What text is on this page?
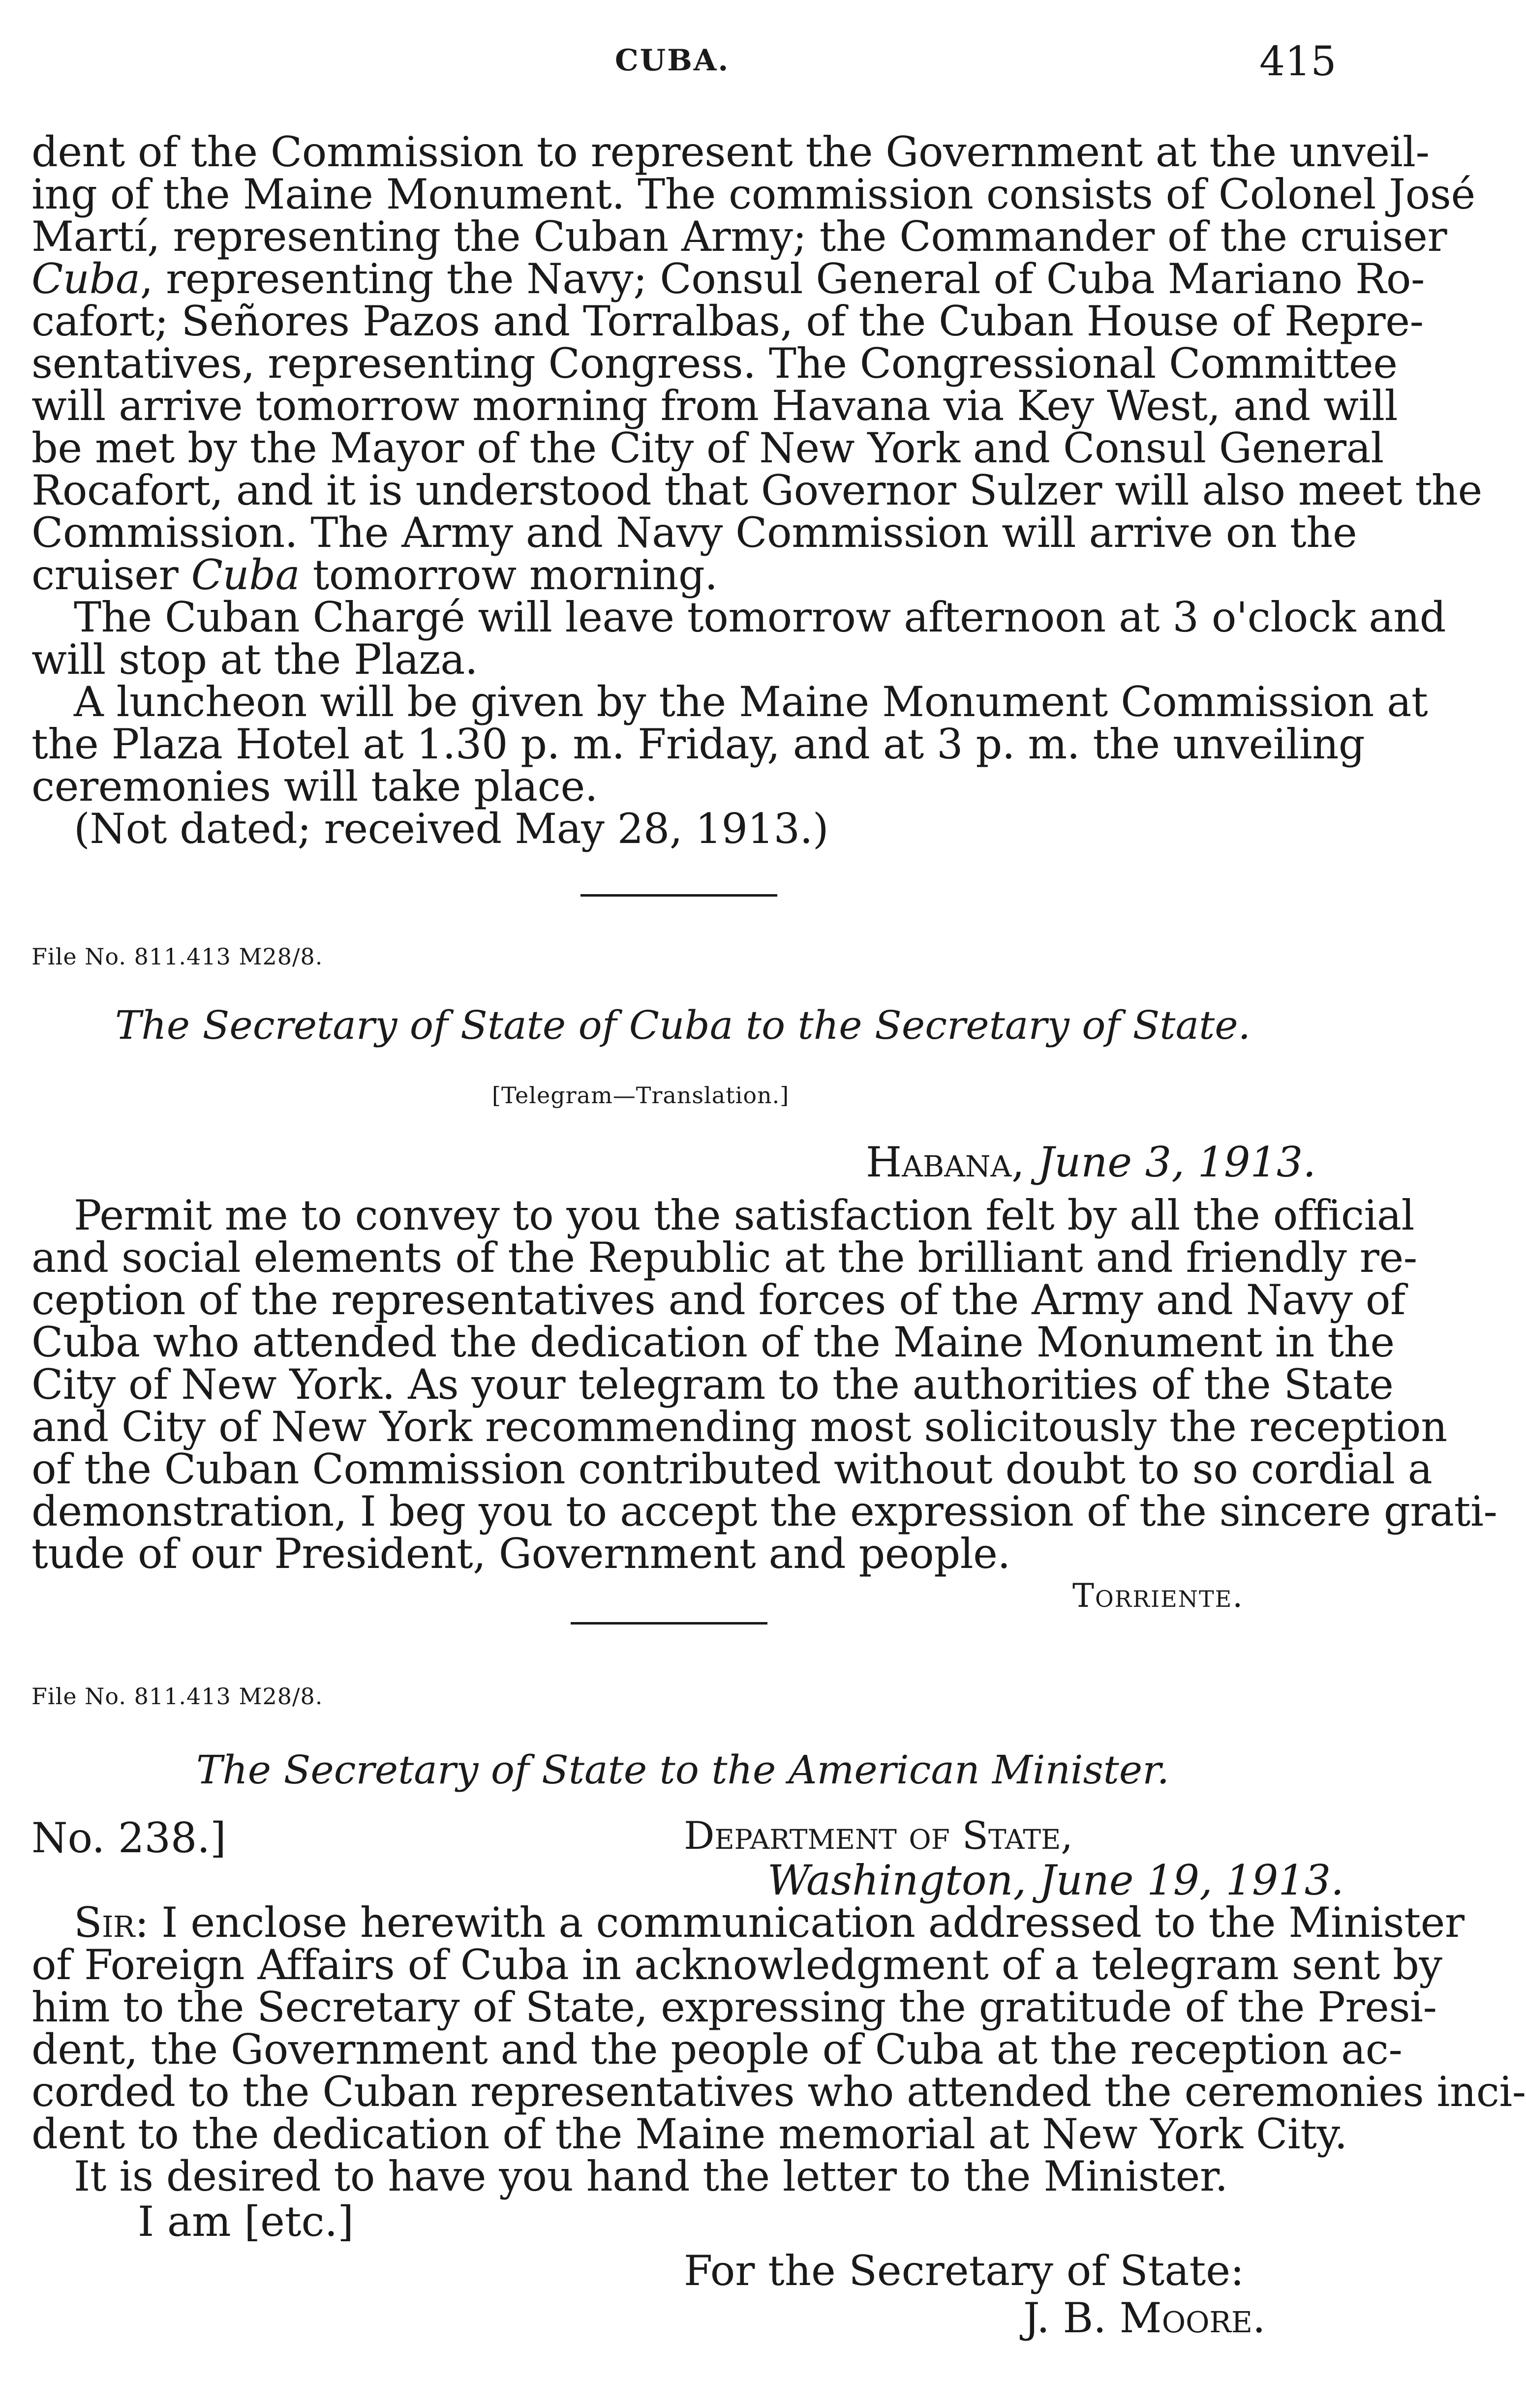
CUBA.	415
dent of the Commission to represent the Government at the unveil-
ing of the Maine Monument. The commission consists of Colonel José
Martí, representing the Cuban Army; the Commander of the cruiser
Cuba, representing the Navy; Consul General of Cuba Mariano Ro-
cafort; Señores Pazos and Torralbas, of the Cuban House of Repre-
sentatives, representing Congress. The Congressional Committee
will arrive tomorrow morning from Havana via Key West, and will
be met by the Mayor of the City of New York and Consul General
Rocafort, and it is understood that Governor Sulzer will also meet the
Commission. The Army and Navy Commission will arrive on the
cruiser Cuba tomorrow morning.
The Cuban Chargé will leave tomorrow afternoon at 3 o'clock and
will stop at the Plaza.
A luncheon will be given by the Maine Monument Commission at
the Plaza Hotel at 1.30 p. m. Friday, and at 3 p. m. the unveiling
ceremonies will take place.
(Not dated; received May 28, 1913.)
File No. 811.413 M28/8.
The Secretary of State of Cuba to the Secretary of State.
[Telegram—Translation.]
Habana, June 3, 1913.
Permit me to convey to you the satisfaction felt by all the official
and social elements of the Republic at the brilliant and friendly re-
ception of the representatives and forces of the Army and Navy of
Cuba who attended the dedication of the Maine Monument in the
City of New York. As your telegram to the authorities of the State
and City of New York recommending most solicitously the reception
of the Cuban Commission contributed without doubt to so cordial a
demonstration, I beg you to accept the expression of the sincere grati-
tude of our President, Government and people.
Torriente.
File No. 811.413 M28/8.
The Secretary of State to the American Minister.
No. 238.]	Department of State,
Washington, June 19, 1913.
Sir: I enclose herewith a communication addressed to the Minister
of Foreign Affairs of Cuba in acknowledgment of a telegram sent by
him to the Secretary of State, expressing the gratitude of the Presi-
dent, the Government and the people of Cuba at the reception ac-
corded to the Cuban representatives who attended the ceremonies inci-
dent to the dedication of the Maine memorial at New York City.
It is desired to have you hand the letter to the Minister.
I am [etc.]
For the Secretary of State:
J. B. Moore.
